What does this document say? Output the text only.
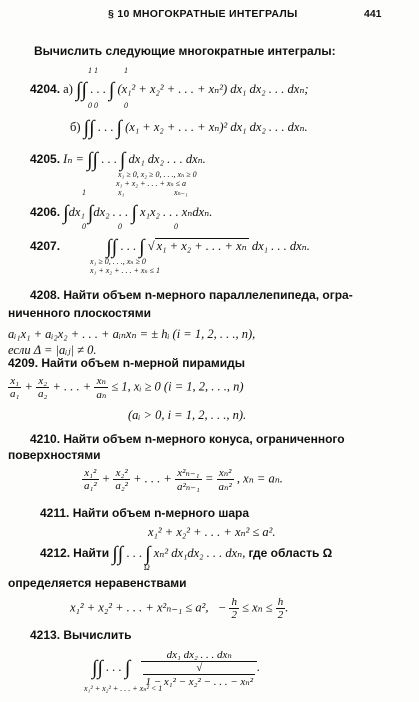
§ 10 МНОГОКРАТНЫЕ ИНТЕГРАЛЫ	441
Вычислить следующие многократные интегралы:
4204. а) ∫∫ . . . ∫ (x₁² + x₂² + . . . + xₙ²) dx₁ dx₂ . . . dxₙ;
1 1	1
0 0	0
б) ∫∫ . . . ∫ (x₁ + x₂ + . . . + xₙ)² dx₁ dx₂ . . . dxₙ.
4205. Iₙ = ∫∫ . . . ∫ dx₁ dx₂ . . . dxₙ.
x₁ ≥ 0, x₂ ≥ 0, . . ., xₙ ≥ 0
x₁ + x₂ + . . . + xₙ ≤ a
4206. ∫dx₁ ∫dx₂ . . . ∫ x₁x₂ . . . xₙdxₙ.
1	x₁	xₙ₋₁
0	0	0
4207. ∫∫ . . . ∫ √ x₁ + x₂ + . . . + xₙ dx₁ . . . dxₙ.
x₁ ≥ 0, . . ., xₙ ≥ 0
x₁ + x₂ + . . . + xₙ ≤ 1
4208. Найти объем n-мерного параллелепипеда, огра-
ниченного плоскостями
aᵢ₁x₁ + aᵢ₂x₂ + . . . + aᵢₙxₙ = ± hᵢ (i = 1, 2, . . ., n),
если Δ = |aᵢⱼ| ≠ 0.
4209. Найти объем n-мерной пирамиды
$\frac{\text{x₁}}{\text{a₁}} + \frac{\text{x₂}}{\text{a₂}}$ + . . . + $\frac{\text{xₙ}}{\text{aₙ}} \le 1$, xᵢ ≥ 0 (i = 1, 2, . . ., n)
(aᵢ > 0, i = 1, 2, . . ., n).
4210. Найти объем n-мерного конуса, ограниченного
поверхностями
$\frac{\text{x₁²}}{\text{a₁²}} + \frac{\text{x₂²}}{\text{a₂²}}$ + . . . + $\frac{\text{x²ₙ₋₁}}{\text{a²ₙ₋₁}} = \frac{\text{xₙ²}}{\text{aₙ²}}$ , xₙ = aₙ.
4211. Найти объем n-мерного шара
x₁² + x₂² + . . . + xₙ² ≤ a².
4212. Найти ∫∫ . . . ∫ xₙ² dx₁dx₂ . . . dxₙ, где область Ω
Ω
определяется неравенствами
x₁² + x₂² + . . . + x²ₙ₋₁ ≤ a², − $\frac{h}{2} \le x_n \le \frac{h}{2}$ .
4213. Вычислить
∫∫ . . . ∫ dx₁ dx₂ . . . dxₙ
√
1 − x₁² − x₂² − . . . − xₙ² .
x₁² + x₂² + . . . + xₙ² < 1
